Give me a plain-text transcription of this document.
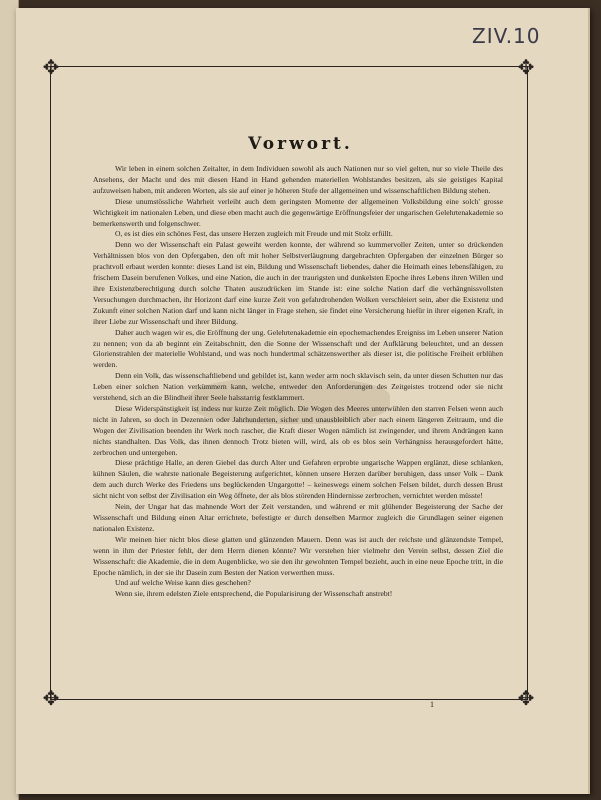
ZIV.10
✥	✥
✥	✥
Vorwort.

Wir leben in einem solchen Zeitalter, in dem Individuen sowohl als auch Nationen nur so viel gelten, nur so viele Theile des Ansehens, der Macht und des mit diesen Hand in Hand gehenden materiellen Wohlstandes besitzen, als sie geistiges Kapital aufzuweisen haben, mit anderen Worten, als sie auf einer je höheren Stufe der allgemeinen und wissenschaftlichen Bildung stehen.

Diese unumstössliche Wahrheit verleiht auch dem geringsten Momente der allgemeinen Volksbildung eine solch' grosse Wichtigkeit im nationalen Leben, und diese eben macht auch die gegenwärtige Eröffnungsfeier der ungarischen Gelehrtenakademie so bemerkenswerth und folgenschwer.

O, es ist dies ein schönes Fest, das unsere Herzen zugleich mit Freude und mit Stolz erfüllt.

Denn wo der Wissenschaft ein Palast geweiht werden konnte, der während so kummervoller Zeiten, unter so drückenden Verhältnissen blos von den Opfergaben, den oft mit hoher Selbstverläugnung dargebrachten Opfergaben der einzelnen Bürger so prachtvoll erbaut werden konnte: dieses Land ist ein, Bildung und Wissenschaft liebendes, daher die Heimath eines lebensfähigen, zu frischem Dasein berufenen Volkes, und eine Nation, die auch in der traurigsten und dunkelsten Epoche ihres Lebens ihren Willen und ihre Existenzberechtigung durch solche Thaten auszudrücken im Stande ist: eine solche Nation darf die verhängnissvollsten Versuchungen durchmachen, ihr Horizont darf eine kurze Zeit von gefahrdrohenden Wolken verschleiert sein, aber die Existenz und Zukunft einer solchen Nation darf und kann nicht länger in Frage stehen, sie findet eine Versicherung hiefür in ihrer eigenen Kraft, in ihrer Liebe zur Wissenschaft und ihrer Bildung.

Daher auch wagen wir es, die Eröffnung der ung. Gelehrtenakademie ein epochemachendes Ereigniss im Leben unserer Nation zu nennen; von da ab beginnt ein Zeitabschnitt, den die Sonne der Wissenschaft und der Aufklärung beleuchtet, und an dessen Glorienstrahlen der materielle Wohlstand, und was noch hundertmal schätzenswerther als dieser ist, die politische Freiheit erblühen werden.

Denn ein Volk, das wissenschaftliebend und gebildet ist, kann weder arm noch sklavisch sein, da unter diesen Schutten nur das Leben einer solchen Nation verkümmern kann, welche, entweder den Anforderungen des Zeitgeistes trotzend oder sie nicht verstehend, sich an die Blindheit ihrer Seele halsstarrig festklammert.

Diese Widerspänstigkeit ist indess nur kurze Zeit möglich. Die Wogen des Meeres unterwühlen den starren Felsen wenn auch nicht in Jahren, so doch in Dezennien oder Jahrhunderten, sicher und unausbleiblich aber nach einem längeren Zeitraum, und die Wogen der Zivilisation beenden ihr Werk noch rascher, die Kraft dieser Wogen nämlich ist zwingender, und ihrem Andrängen kann nichts standhalten. Das Volk, das ihnen dennoch Trotz bieten will, wird, als ob es blos sein Verhängniss herausgefordert hätte, zerbrochen und untergehen.

Diese prächtige Halle, an deren Giebel das durch Alter und Gefahren erprobte ungarische Wappen erglänzt, diese schlanken, kühnen Säulen, die wahrste nationale Begeisterung aufgerichtet, können unsere Herzen darüber beruhigen, dass unser Volk – Dank dem auch durch Werke des Friedens uns beglückenden Ungargotte! – keineswegs einem solchen Felsen bildet, durch dessen Brust sicht nicht von selbst der Zivilisation ein Weg öffnete, der als blos störenden Hindernisse zerbrochen, vernichtet werden müsste!

Nein, der Ungar hat das mahnende Wort der Zeit verstanden, und während er mit glühender Begeisterung der Sache der Wissenschaft und Bildung einen Altar errichtete, befestigte er durch denselben Marmor zugleich die Grundlagen seiner eigenen nationalen Existenz.

Wir meinen hier nicht blos diese glatten und glänzenden Mauern. Denn was ist auch der reichste und glänzendste Tempel, wenn in ihm der Priester fehlt, der dem Herrn dienen könnte? Wir verstehen hier vielmehr den Verein selbst, dessen Ziel die Wissenschaft: die Akademie, die in dem Augenblicke, wo sie den ihr gewohnten Tempel bezieht, auch in eine neue Epoche tritt, in die Epoche nämlich, in der sie ihr Dasein zum Besten der Nation verwerthen muss.

Und auf welche Weise kann dies geschehen?

Wenn sie, ihrem edelsten Ziele entsprechend, die Popularisirung der Wissenschaft anstrebt!

1
